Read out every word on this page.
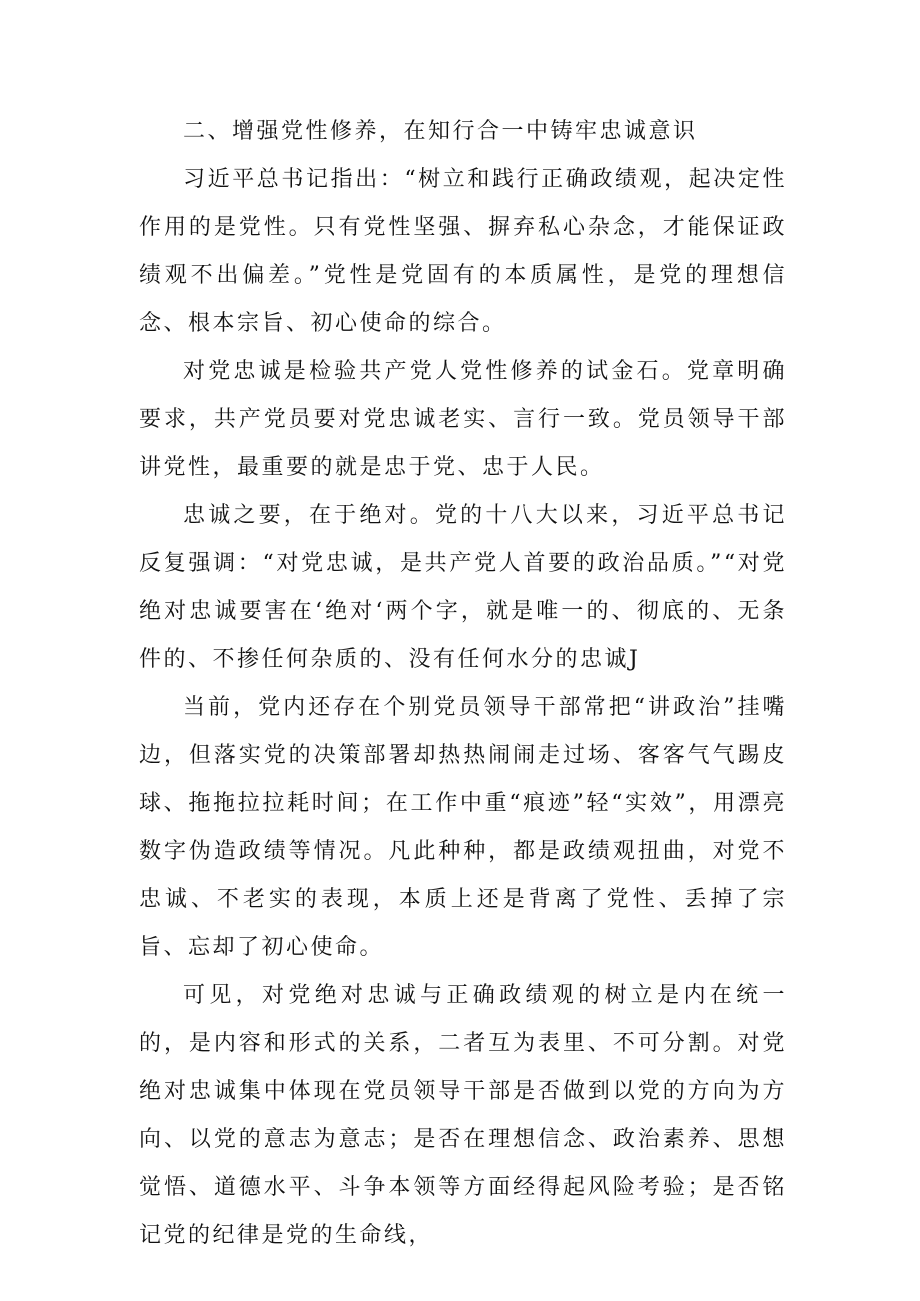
二、增强党性修养，在知行合一中铸牢忠诚意识

习近平总书记指出：“树立和践行正确政绩观，起决定性作用的是党性。只有党性坚强、摒弃私心杂念，才能保证政绩观不出偏差。”党性是党固有的本质属性，是党的理想信念、根本宗旨、初心使命的综合。

对党忠诚是检验共产党人党性修养的试金石。党章明确要求，共产党员要对党忠诚老实、言行一致。党员领导干部讲党性，最重要的就是忠于党、忠于人民。

忠诚之要，在于绝对。党的十八大以来，习近平总书记反复强调：“对党忠诚，是共产党人首要的政治品质。”“对党绝对忠诚要害在‘绝对‘两个字，就是唯一的、彻底的、无条件的、不掺任何杂质的、没有任何水分的忠诚J

当前，党内还存在个别党员领导干部常把“讲政治”挂嘴边，但落实党的决策部署却热热闹闹走过场、客客气气踢皮球、拖拖拉拉耗时间；在工作中重“痕迹”轻“实效”，用漂亮数字伪造政绩等情况。凡此种种，都是政绩观扭曲，对党不忠诚、不老实的表现，本质上还是背离了党性、丢掉了宗旨、忘却了初心使命。

可见，对党绝对忠诚与正确政绩观的树立是内在统一的，是内容和形式的关系，二者互为表里、不可分割。对党绝对忠诚集中体现在党员领导干部是否做到以党的方向为方向、以党的意志为意志；是否在理想信念、政治素养、思想觉悟、道德水平、斗争本领等方面经得起风险考验；是否铭记党的纪律是党的生命线，
